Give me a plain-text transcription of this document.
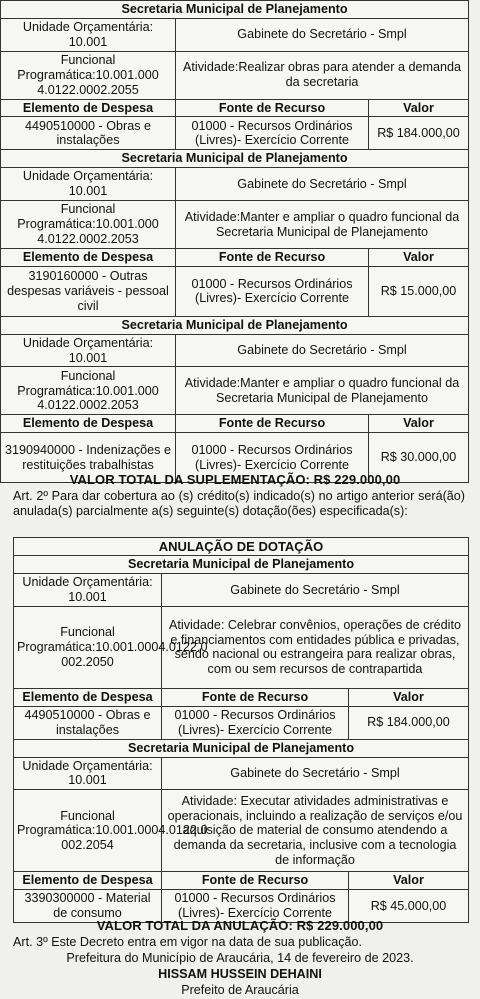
Secretaria Municipal de Planejamento		
Unidade Orçamentária: 10.001	Gabinete do Secretário - Smpl	
Funcional Programática:10.001.000 4.0122.0002.2055	Atividade:Realizar obras para atender a demanda da secretaria	
Elemento de Despesa	Fonte de Recurso	Valor
4490510000 - Obras e instalações	01000 - Recursos Ordinários (Livres)- Exercício Corrente	R$ 184.000,00
Secretaria Municipal de Planejamento		
Unidade Orçamentária: 10.001	Gabinete do Secretário - Smpl	
Funcional Programática:10.001.000 4.0122.0002.2053	Atividade:Manter e ampliar o quadro funcional da Secretaria Municipal de Planejamento	
Elemento de Despesa	Fonte de Recurso	Valor
3190160000 - Outras despesas variáveis - pessoal civil	01000 - Recursos Ordinários (Livres)- Exercício Corrente	R$ 15.000,00
Secretaria Municipal de Planejamento		
Unidade Orçamentária: 10.001	Gabinete do Secretário - Smpl	
Funcional Programática:10.001.000 4.0122.0002.2053	Atividade:Manter e ampliar o quadro funcional da Secretaria Municipal de Planejamento	
Elemento de Despesa	Fonte de Recurso	Valor
3190940000 - Indenizações e restituições trabalhistas	01000 - Recursos Ordinários (Livres)- Exercício Corrente	R$ 30.000,00
VALOR TOTAL DA SUPLEMENTAÇÃO: R$ 229.000,00
Art. 2º Para dar cobertura ao (s) crédito(s) indicado(s) no artigo anterior será(ão) anulada(s) parcialmente a(s) seguinte(s) dotação(ões) especificada(s):
ANULAÇÃO DE DOTAÇÃO		
Secretaria Municipal de Planejamento		
Unidade Orçamentária: 10.001	Gabinete do Secretário - Smpl	
Funcional Programática:10.001.0004.0122.0 002.2050	Atividade: Celebrar convênios, operações de crédito e financiamentos com entidades pública e privadas, sendo nacional ou estrangeira para realizar obras, com ou sem recursos de contrapartida	
Elemento de Despesa	Fonte de Recurso	Valor
4490510000 - Obras e instalações	01000 - Recursos Ordinários (Livres)- Exercício Corrente	R$ 184.000,00
Secretaria Municipal de Planejamento		
Unidade Orçamentária: 10.001	Gabinete do Secretário - Smpl	
Funcional Programática:10.001.0004.0122.0 002.2054	Atividade: Executar atividades administrativas e operacionais, incluindo a realização de serviços e/ou aquisição de material de consumo atendendo a demanda da secretaria, inclusive com a tecnologia de informação	
Elemento de Despesa	Fonte de Recurso	Valor
3390300000 - Material de consumo	01000 - Recursos Ordinários (Livres)- Exercício Corrente	R$ 45.000,00
VALOR TOTAL DA ANULAÇÃO: R$ 229.000,00
Art. 3º Este Decreto entra em vigor na data de sua publicação.
Prefeitura do Município de Araucária, 14 de fevereiro de 2023.
HISSAM HUSSEIN DEHAINI
Prefeito de Araucária
